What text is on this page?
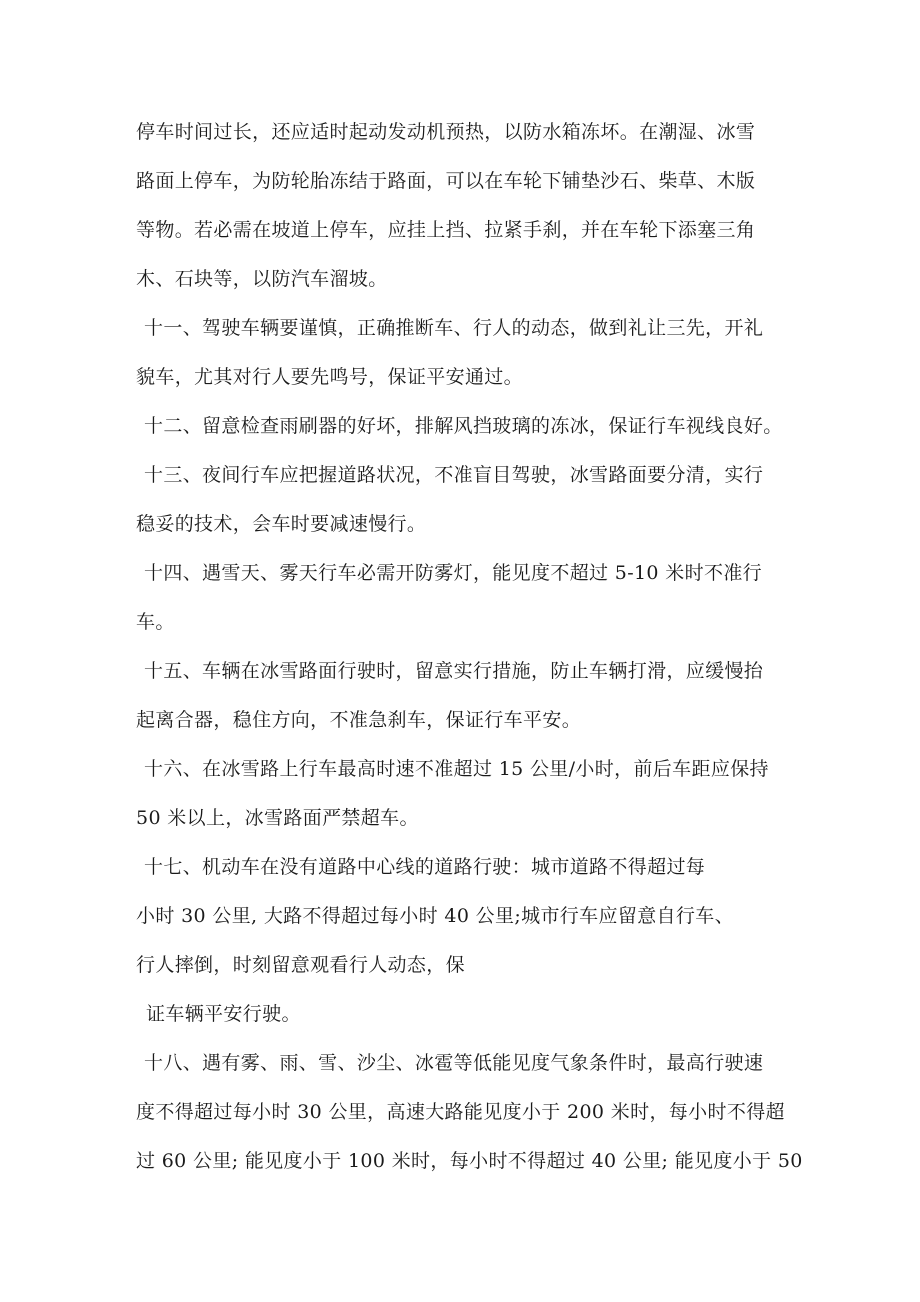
停车时间过长，还应适时起动发动机预热，以防水箱冻坏。在潮湿、冰雪
路面上停车，为防轮胎冻结于路面，可以在车轮下铺垫沙石、柴草、木版
等物。若必需在坡道上停车，应挂上挡、拉紧手刹，并在车轮下添塞三角
木、石块等，以防汽车溜坡。
十一、驾驶车辆要谨慎，正确推断车、行人的动态，做到礼让三先，开礼
貌车，尤其对行人要先鸣号，保证平安通过。
十二、留意检查雨刷器的好坏，排解风挡玻璃的冻冰，保证行车视线良好。
十三、夜间行车应把握道路状况，不准盲目驾驶，冰雪路面要分清，实行
稳妥的技术，会车时要减速慢行。
十四、遇雪天、雾天行车必需开防雾灯，能见度不超过 5-10 米时不准行
车。
十五、车辆在冰雪路面行驶时，留意实行措施，防止车辆打滑，应缓慢抬
起离合器，稳住方向，不准急刹车，保证行车平安。
十六、在冰雪路上行车最高时速不准超过 15 公里/小时，前后车距应保持
50 米以上，冰雪路面严禁超车。
十七、机动车在没有道路中心线的道路行驶：城市道路不得超过每
小时 30 公里, 大路不得超过每小时 40 公里;城市行车应留意自行车、
行人摔倒，时刻留意观看行人动态，保
证车辆平安行驶。
十八、遇有雾、雨、雪、沙尘、冰雹等低能见度气象条件时，最高行驶速
度不得超过每小时 30 公里，高速大路能见度小于 200 米时，每小时不得超
过 60 公里; 能见度小于 100 米时，每小时不得超过 40 公里; 能见度小于 50
